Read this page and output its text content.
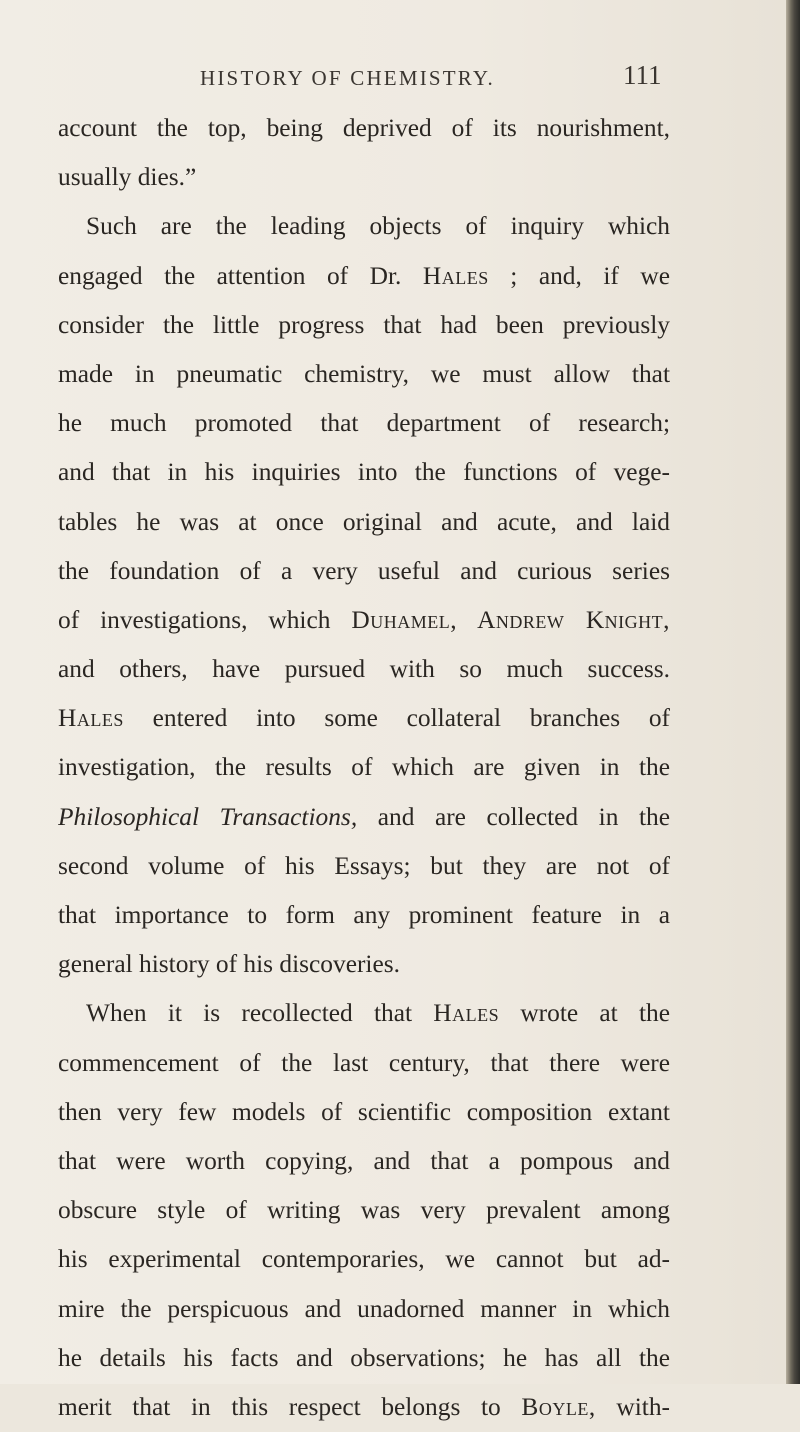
HISTORY OF CHEMISTRY.	111
account the top, being deprived of its nourishment,
usually dies.”
Such are the leading objects of inquiry which
engaged the attention of Dr. Hales ; and, if we
consider the little progress that had been previously
made in pneumatic chemistry, we must allow that
he much promoted that department of research;
and that in his inquiries into the functions of vege-
tables he was at once original and acute, and laid
the foundation of a very useful and curious series
of investigations, which Duhamel, Andrew Knight,
and others, have pursued with so much success.
Hales entered into some collateral branches of
investigation, the results of which are given in the
Philosophical Transactions, and are collected in the
second volume of his Essays; but they are not of
that importance to form any prominent feature in a
general history of his discoveries.
When it is recollected that Hales wrote at the
commencement of the last century, that there were
then very few models of scientific composition extant
that were worth copying, and that a pompous and
obscure style of writing was very prevalent among
his experimental contemporaries, we cannot but ad-
mire the perspicuous and unadorned manner in which
he details his facts and observations; he has all the
merit that in this respect belongs to Boyle, with-
